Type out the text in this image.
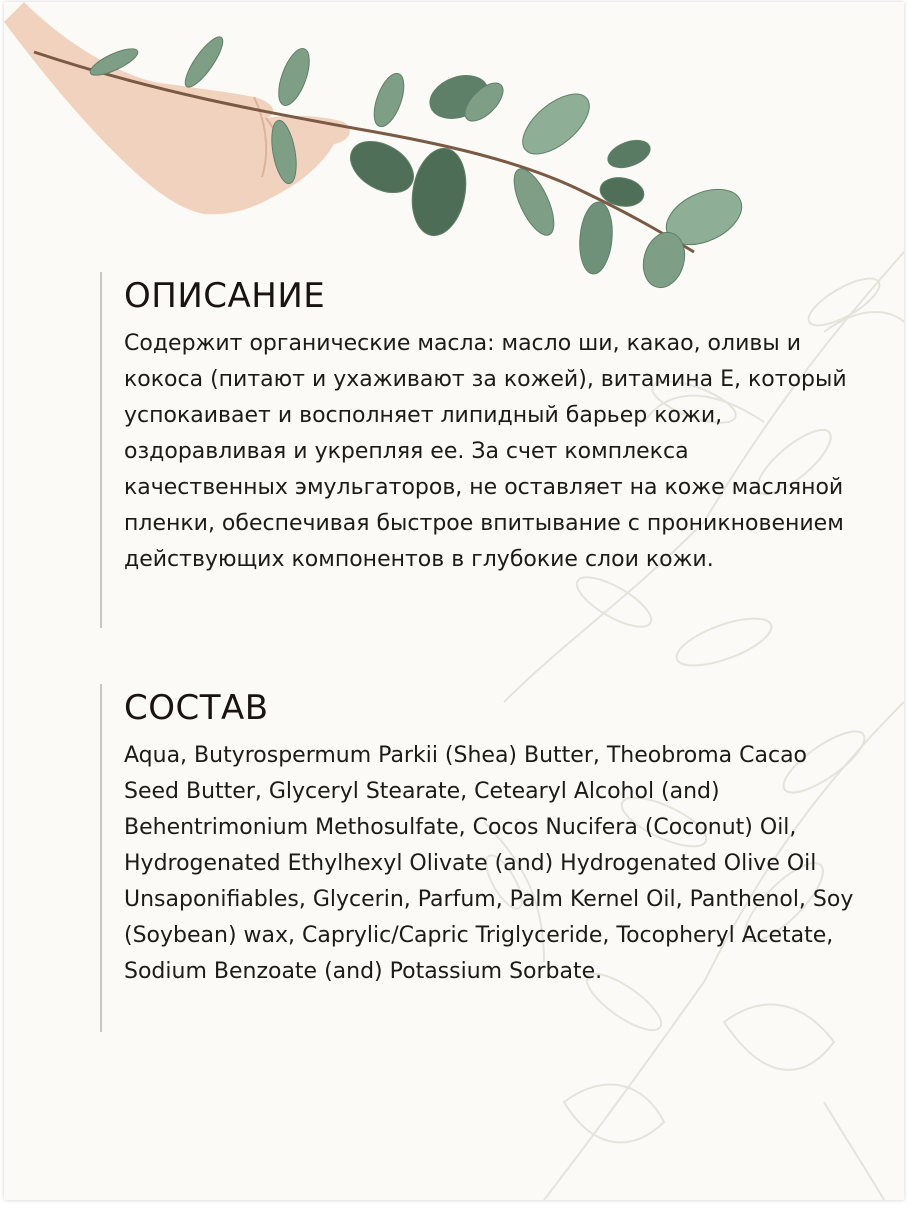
ОПИСАНИЕ

Содержит органические масла: масло ши, какао, оливы и кокоса (питают и ухаживают за кожей), витамина Е, который успокаивает и восполняет липидный барьер кожи, оздоравливая и укрепляя ее. За счет комплекса качественных эмульгаторов, не оставляет на коже масляной пленки, обеспечивая быстрое впитывание с проникновением действующих компонентов в глубокие слои кожи.

СОСТАВ

Aqua, Butyrospermum Parkii (Shea) Butter, Theobroma Cacao Seed Butter, Glyceryl Stearate, Cetearyl Alcohol (and) Behentrimonium Methosulfate, Cocos Nucifera (Coconut) Oil, Hydrogenated Ethylhexyl Olivate (and) Hydrogenated Olive Oil Unsaponifiables, Glycerin, Parfum, Palm Kernel Oil, Panthenol, Soy (Soybean) wax, Caprylic/Capric Triglyceride, Tocopheryl Acetate, Sodium Benzoate (and) Potassium Sorbate.
